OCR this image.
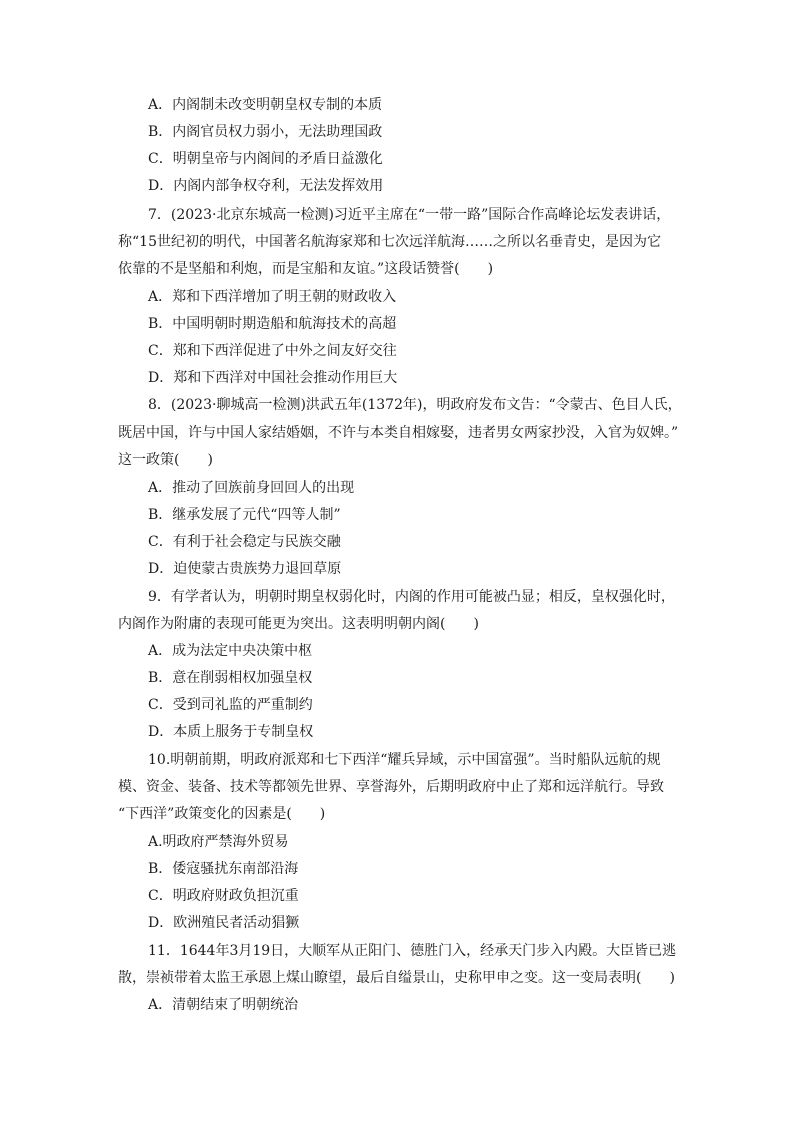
A．内阁制未改变明朝皇权专制的本质
B．内阁官员权力弱小，无法助理国政
C．明朝皇帝与内阁间的矛盾日益激化
D．内阁内部争权夺利，无法发挥效用
7．(2023·北京东城高一检测)习近平主席在“一带一路”国际合作高峰论坛发表讲话，
称“15世纪初的明代，中国著名航海家郑和七次远洋航海……之所以名垂青史，是因为它
依靠的不是坚船和利炮，而是宝船和友谊。”这段话赞誉(　　)
A．郑和下西洋增加了明王朝的财政收入
B．中国明朝时期造船和航海技术的高超
C．郑和下西洋促进了中外之间友好交往
D．郑和下西洋对中国社会推动作用巨大
8．(2023·聊城高一检测)洪武五年(1372年)，明政府发布文告：“令蒙古、色目人氏，
既居中国，许与中国人家结婚姻，不许与本类自相嫁娶，违者男女两家抄没，入官为奴婢。”
这一政策(　　)
A．推动了回族前身回回人的出现
B．继承发展了元代“四等人制”
C．有利于社会稳定与民族交融
D．迫使蒙古贵族势力退回草原
9．有学者认为，明朝时期皇权弱化时，内阁的作用可能被凸显；相反，皇权强化时，
内阁作为附庸的表现可能更为突出。这表明明朝内阁(　　)
A．成为法定中央决策中枢
B．意在削弱相权加强皇权
C．受到司礼监的严重制约
D．本质上服务于专制皇权
10.明朝前期，明政府派郑和七下西洋“耀兵异域，示中国富强”。当时船队远航的规
模、资金、装备、技术等都领先世界、享誉海外，后期明政府中止了郑和远洋航行。导致
“下西洋”政策变化的因素是(　　)
A.明政府严禁海外贸易
B．倭寇骚扰东南部沿海
C．明政府财政负担沉重
D．欧洲殖民者活动猖獗
11．1644年3月19日，大顺军从正阳门、德胜门入，经承天门步入内殿。大臣皆已逃
散，崇祯带着太监王承恩上煤山瞭望，最后自缢景山，史称甲申之变。这一变局表明(　　)
A．清朝结束了明朝统治
